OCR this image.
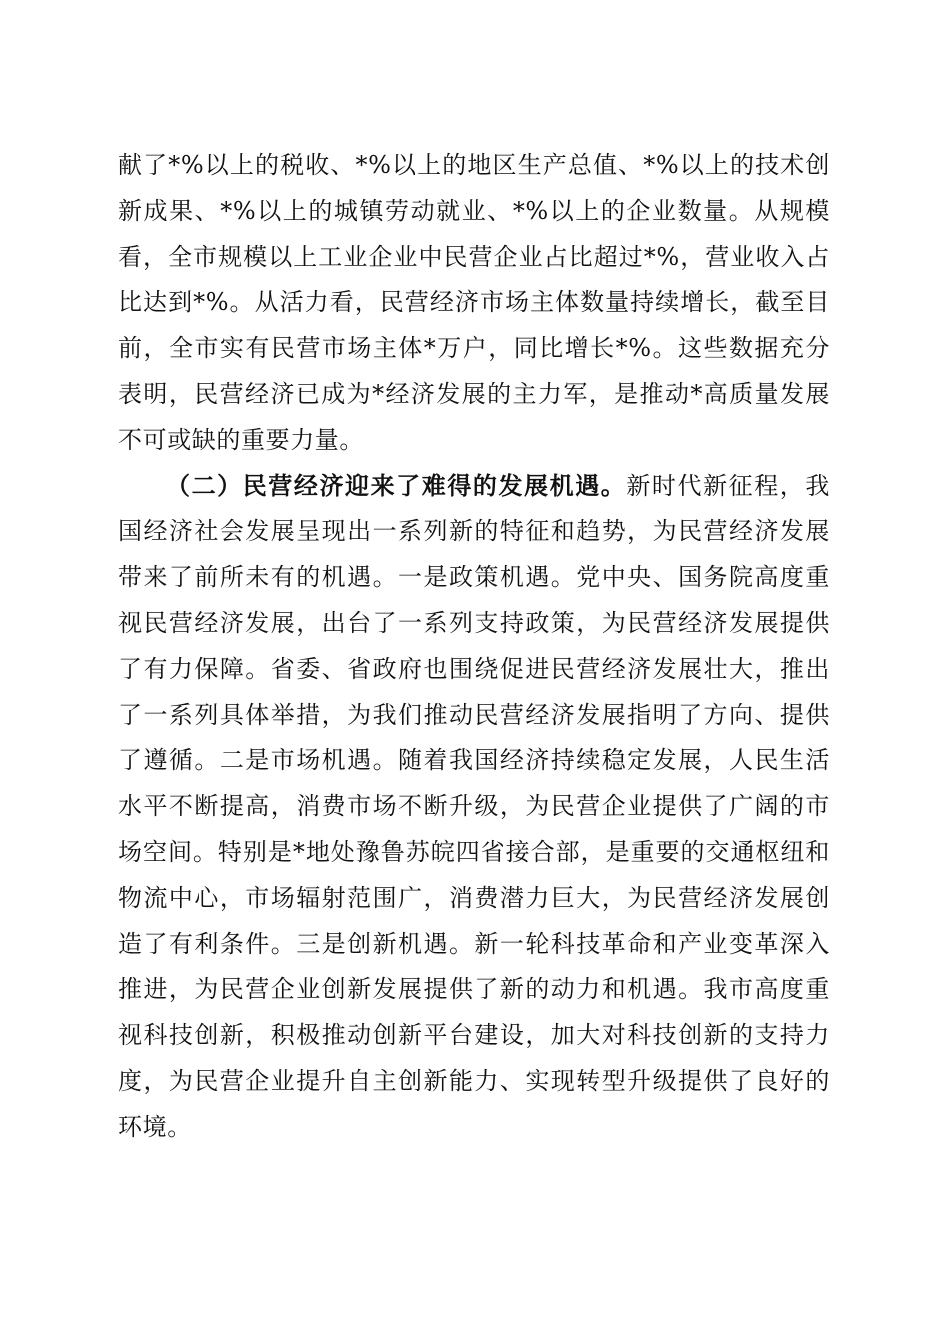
献了*%以上的税收、*%以上的地区生产总值、*%以上的技术创新成果、*%以上的城镇劳动就业、*%以上的企业数量。从规模看，全市规模以上工业企业中民营企业占比超过*%，营业收入占比达到*%。从活力看，民营经济市场主体数量持续增长，截至目前，全市实有民营市场主体*万户，同比增长*%。这些数据充分表明，民营经济已成为*经济发展的主力军，是推动*高质量发展不可或缺的重要力量。

（二）民营经济迎来了难得的发展机遇。新时代新征程，我国经济社会发展呈现出一系列新的特征和趋势，为民营经济发展带来了前所未有的机遇。一是政策机遇。党中央、国务院高度重视民营经济发展，出台了一系列支持政策，为民营经济发展提供了有力保障。省委、省政府也围绕促进民营经济发展壮大，推出了一系列具体举措，为我们推动民营经济发展指明了方向、提供了遵循。二是市场机遇。随着我国经济持续稳定发展，人民生活水平不断提高，消费市场不断升级，为民营企业提供了广阔的市场空间。特别是*地处豫鲁苏皖四省接合部，是重要的交通枢纽和物流中心，市场辐射范围广，消费潜力巨大，为民营经济发展创造了有利条件。三是创新机遇。新一轮科技革命和产业变革深入推进，为民营企业创新发展提供了新的动力和机遇。我市高度重视科技创新，积极推动创新平台建设，加大对科技创新的支持力度，为民营企业提升自主创新能力、实现转型升级提供了良好的环境。
